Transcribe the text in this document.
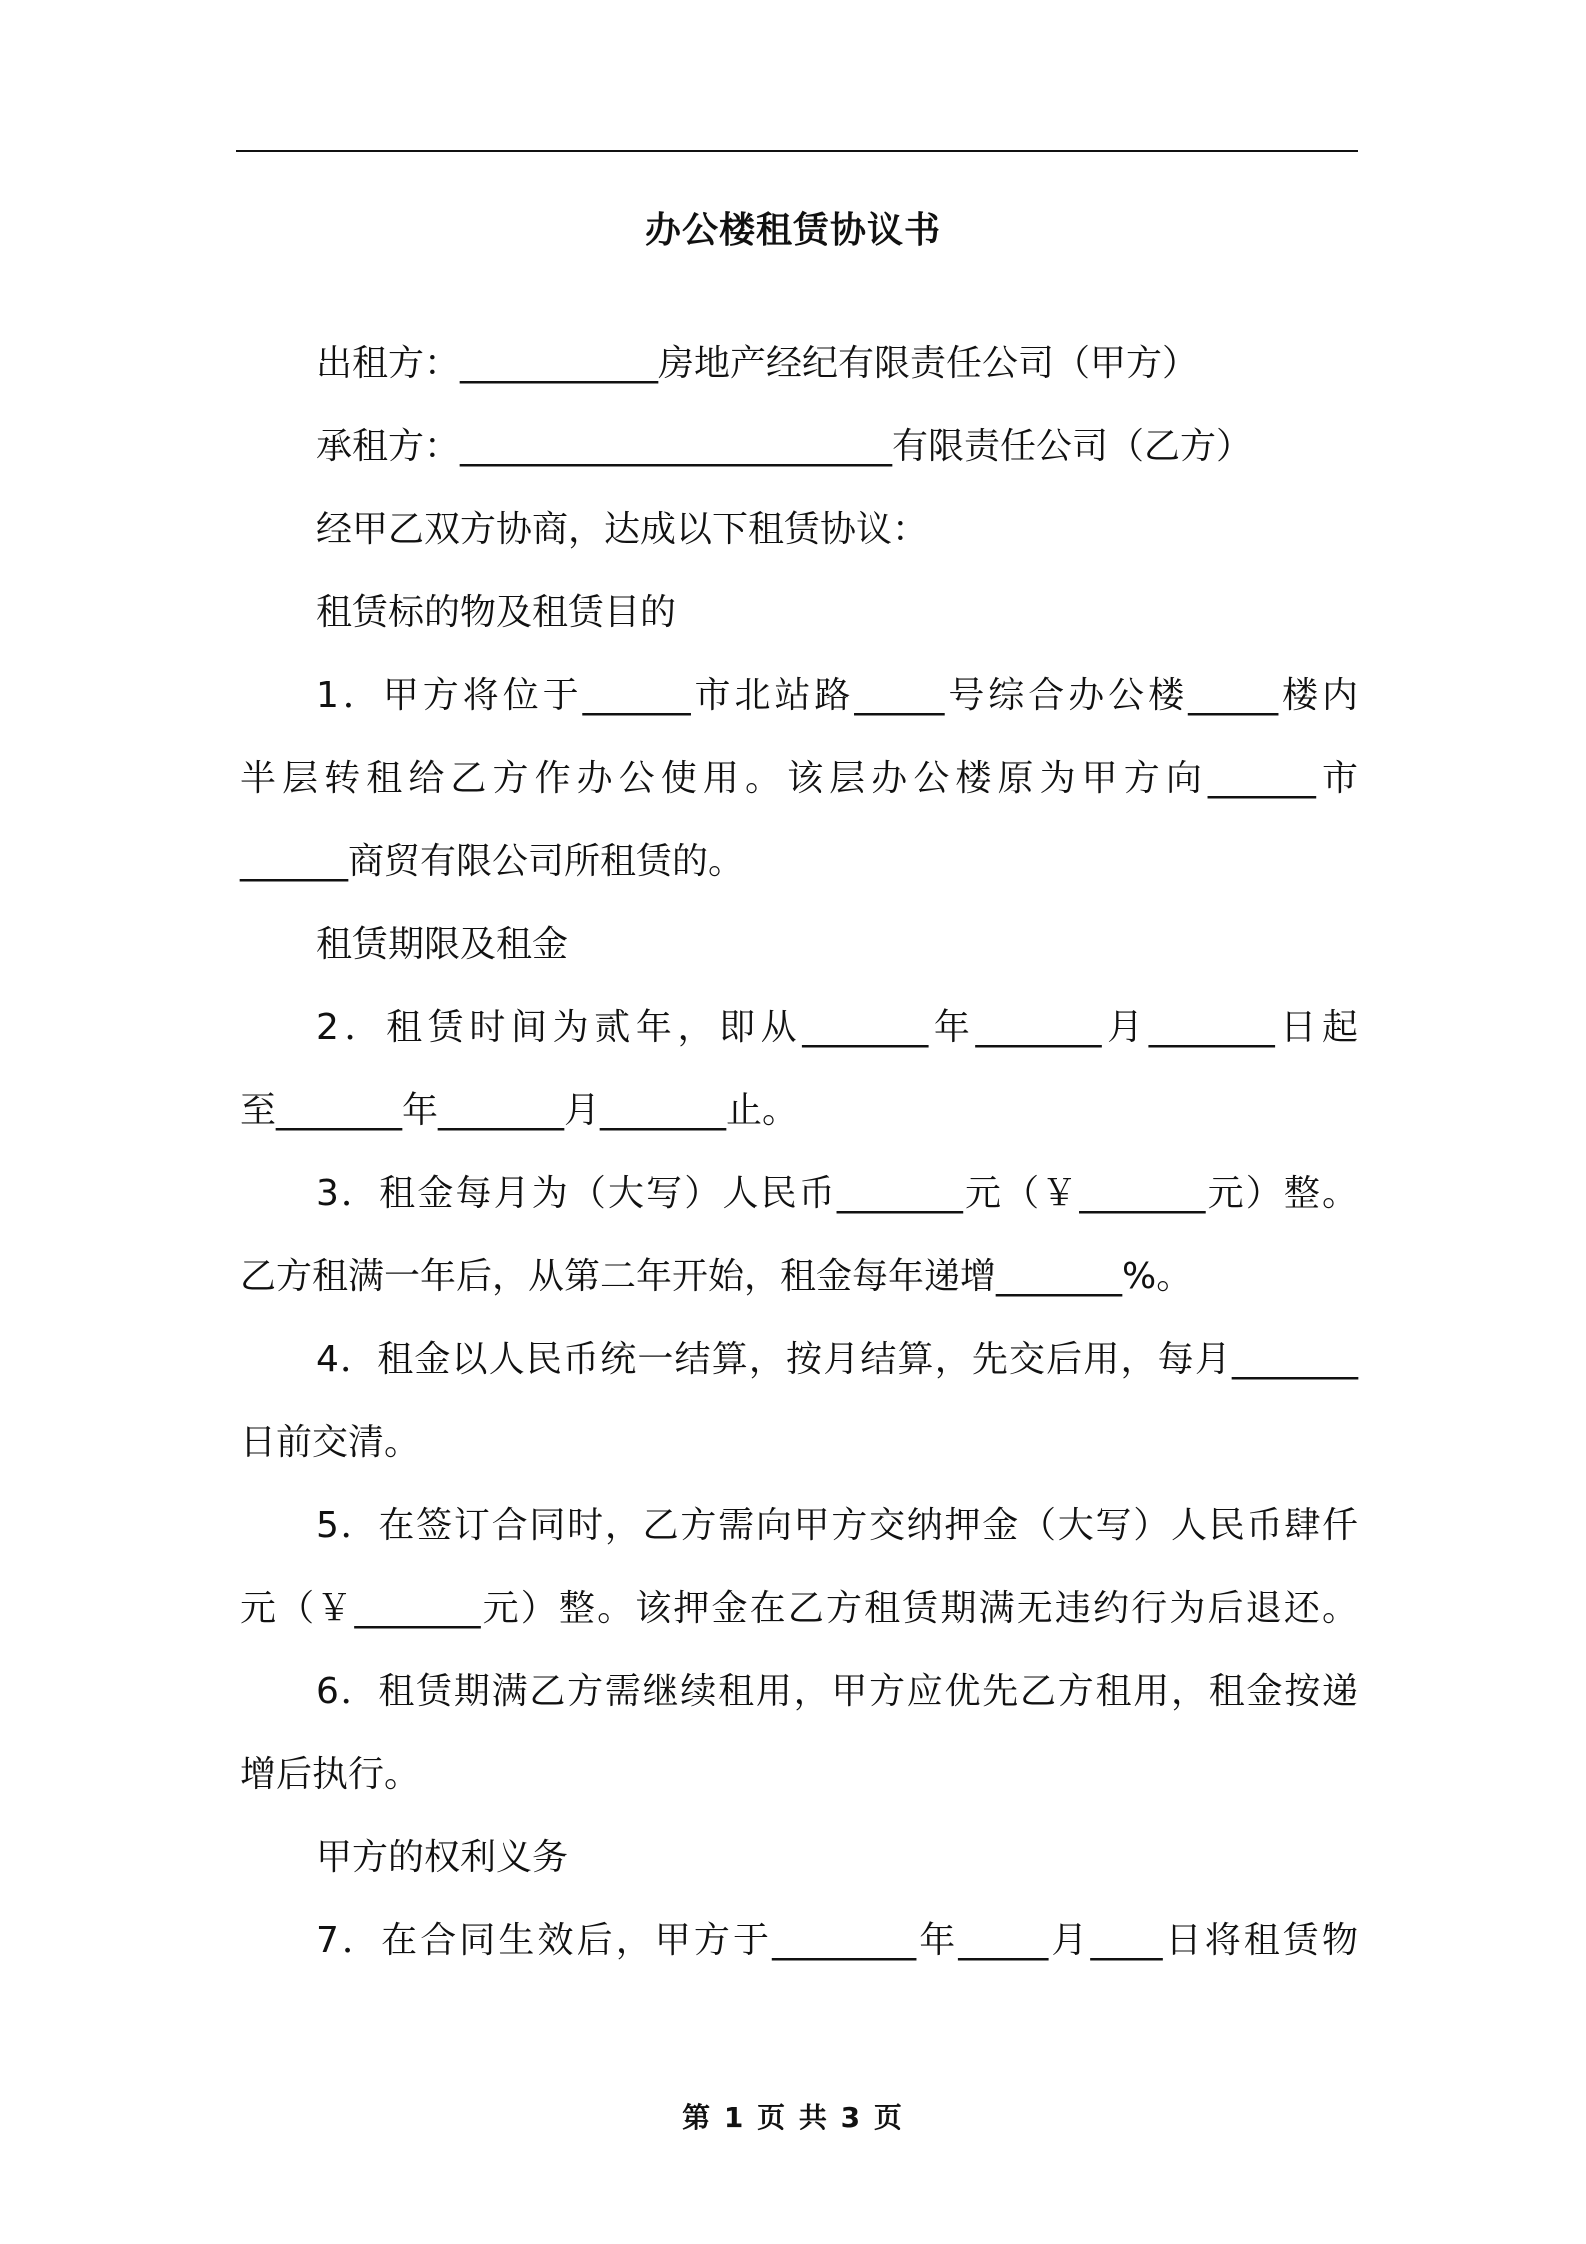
办公楼租赁协议书
出租方：___________房地产经纪有限责任公司（甲方）
承租方：________________________有限责任公司（乙方）
经甲乙双方协商，达成以下租赁协议：
租赁标的物及租赁目的
1．甲方将位于______市北站路_____号综合办公楼_____楼内
半层转租给乙方作办公使用。该层办公楼原为甲方向______市
______商贸有限公司所租赁的。
租赁期限及租金
2．租赁时间为贰年，即从_______年_______月_______日起
至_______年_______月_______止。
3．租金每月为（大写）人民币_______元（￥_______元）整。
乙方租满一年后，从第二年开始，租金每年递增_______%。
4．租金以人民币统一结算，按月结算，先交后用，每月_______
日前交清。
5．在签订合同时，乙方需向甲方交纳押金（大写）人民币肆仟
元（￥_______元）整。该押金在乙方租赁期满无违约行为后退还。
6．租赁期满乙方需继续租用，甲方应优先乙方租用，租金按递
增后执行。
甲方的权利义务
7．在合同生效后，甲方于________年_____月____日将租赁物
第 1 页 共 3 页
